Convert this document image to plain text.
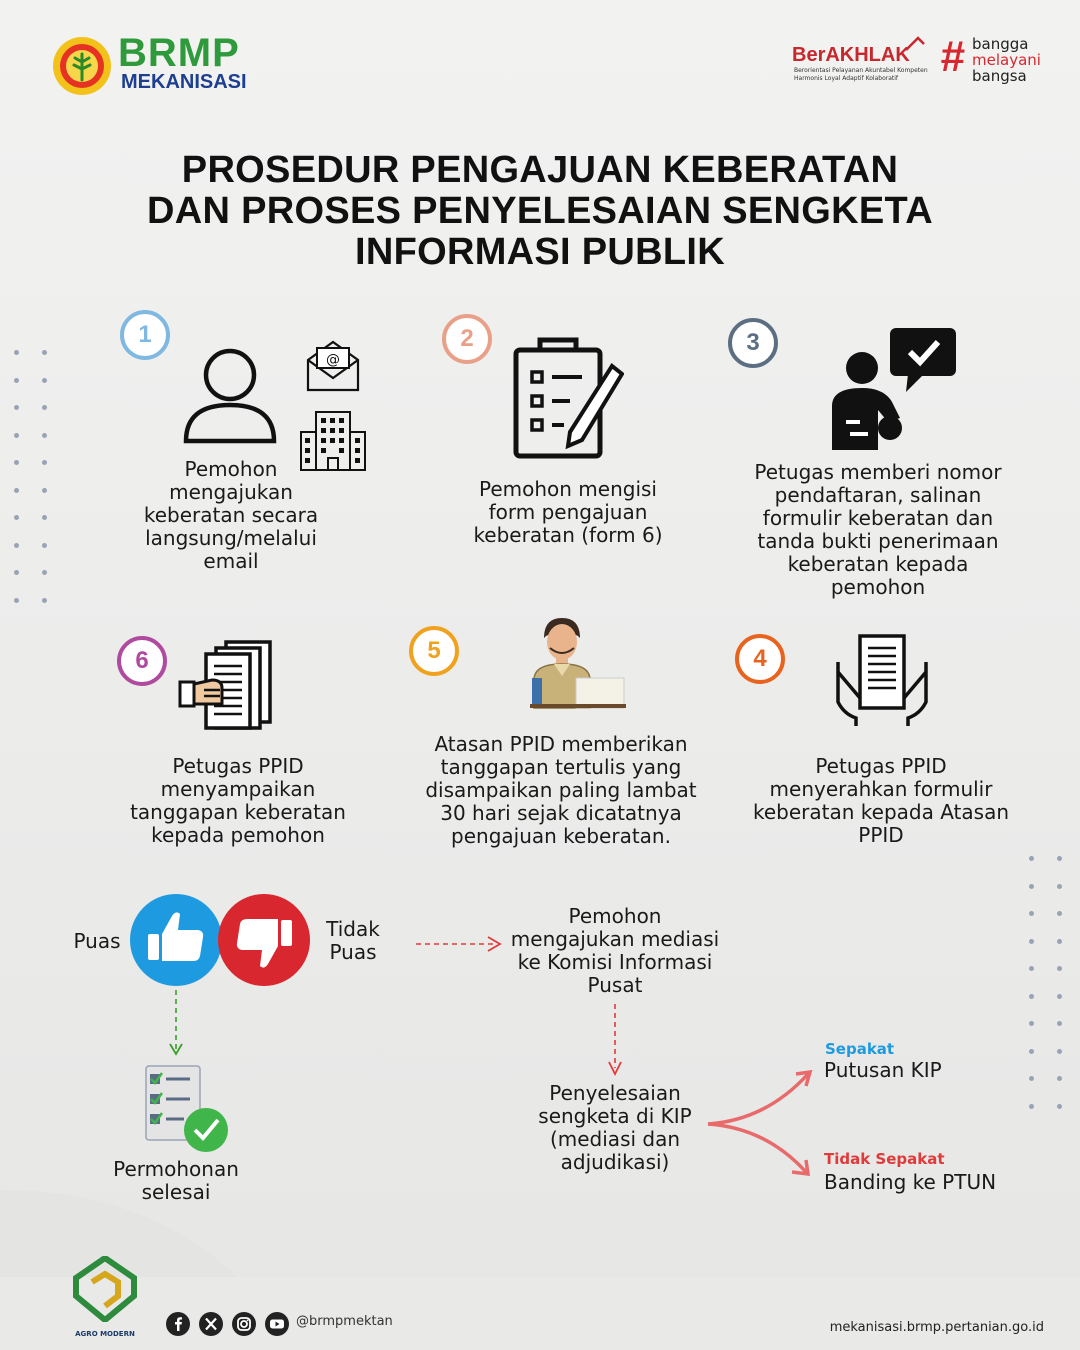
BRMP
MEKANISASI
BerAKHLAK
Berorientasi Pelayanan Akuntabel Kompeten
Harmonis Loyal Adaptif Kolaboratif # bangga
melayani
bangsa
PROSEDUR PENGAJUAN KEBERATAN
DAN PROSES PENYELESAIAN SENGKETA
INFORMASI PUBLIK
1
@
Pemohon mengajukan keberatan secara langsung/melalui email
2
Pemohon mengisi form pengajuan keberatan (form 6)
3
Petugas memberi nomor pendaftaran, salinan formulir keberatan dan tanda bukti penerimaan keberatan kepada pemohon
6
Petugas PPID menyampaikan tanggapan keberatan kepada pemohon
5
Atasan PPID memberikan tanggapan tertulis yang disampaikan paling lambat 30 hari sejak dicatatnya pengajuan keberatan.
4
Petugas PPID menyerahkan formulir keberatan kepada Atasan PPID
Puas	Tidak Puas
Pemohon mengajukan mediasi ke Komisi Informasi Pusat
Permohonan selesai
Penyelesaian sengketa di KIP (mediasi dan adjudikasi)
Sepakat
Putusan KIP
Tidak Sepakat
Banding ke PTUN
AGRO MODERN
@brmpmektan	mekanisasi.brmp.pertanian.go.id
